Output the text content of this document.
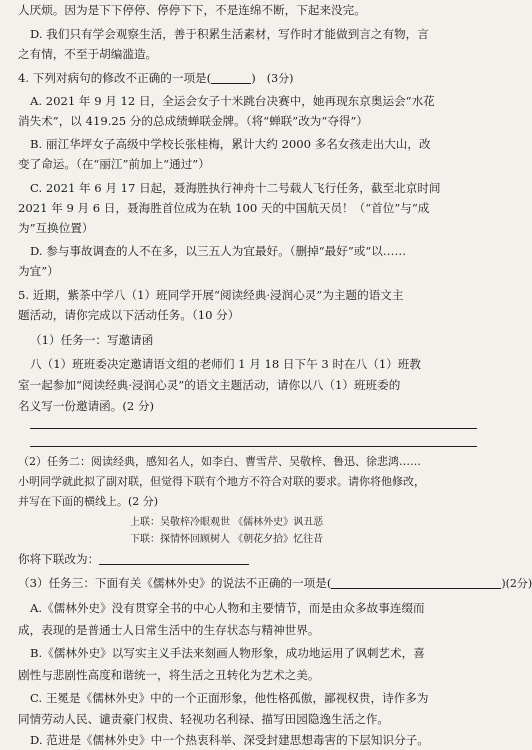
人厌烦。因为是下下停停、停停下下，不是连绵不断，下起来没完。
D. 我们只有学会观察生活，善于积累生活素材，写作时才能做到言之有物，言
之有情，不至于胡编滥造。
4. 下列对病句的修改不正确的一项是(	)   (3分)
A. 2021 年 9 月 12 日，全运会女子十米跳台决赛中，她再现东京奥运会“水花
消失术”，以 419.25 分的总成绩蝉联金牌。（将“蝉联”改为“夺得”）
B. 丽江华坪女子高级中学校长张桂梅，累计大约 2000 多名女孩走出大山，改
变了命运。（在“丽江”前加上“通过”）
C. 2021 年 6 月 17 日起，聂海胜执行神舟十二号载人飞行任务，截至北京时间
2021 年 9 月 6 日，聂海胜首位成为在轨 100 天的中国航天员！（“首位”与“成
为”互换位置）
D. 参与事故调查的人不在多，以三五人为宜最好。（删掉“最好”或“以……
为宜”）
5. 近期，紫茶中学八（1）班同学开展“阅读经典·浸润心灵”为主题的语文主
题活动，请你完成以下活动任务。（10 分）
（1）任务一：写邀请函
八（1）班班委决定邀请语文组的老师们 1 月 18 日下午 3 时在八（1）班教
室一起参加“阅读经典·浸润心灵”的语文主题活动，请你以八（1）班班委的
名义写一份邀请函。(2 分)
（2）任务二：阅读经典，感知名人，如李白、曹雪芹、吴敬梓、鲁迅、徐悲鸿……
小明同学就此拟了副对联，但觉得下联有个地方不符合对联的要求。请你将他修改，
并写在下面的横线上。(2 分)
上联：吴敬梓冷眼观世 《儒林外史》讽丑恶
下联：探情怀回顾树人 《朝花夕拾》忆往昔
你将下联改为：
（3）任务三：下面有关《儒林外史》的说法不正确的一项是(	)(2分)
A.《儒林外史》没有贯穿全书的中心人物和主要情节，而是由众多故事连缀而
成，表现的是普通士人日常生活中的生存状态与精神世界。
B.《儒林外史》以写实主义手法来刻画人物形象，成功地运用了讽刺艺术，喜
剧性与悲剧性高度和谐统一，将生活之丑转化为艺术之美。
C. 王冕是《儒林外史》中的一个正面形象，他性格孤傲，鄙视权贵，诗作多为
同情劳动人民、谴责豪门权贵、轻视功名利禄、描写田园隐逸生活之作。
D. 范进是《儒林外史》中一个热衷科举、深受封建思想毒害的下层知识分子。
